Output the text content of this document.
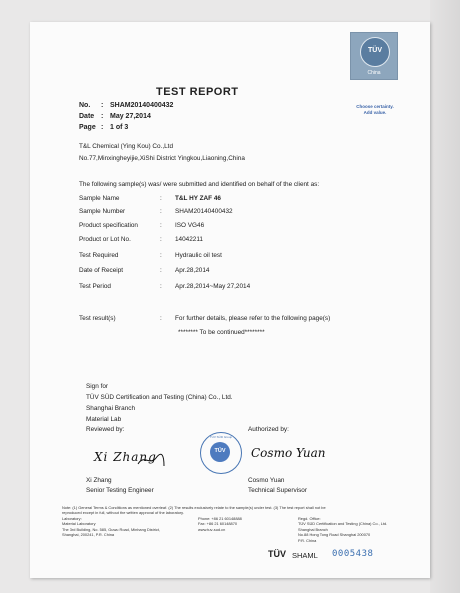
TÜV
China
Choose certainty.
Add value.
TEST REPORT
No. : SHAM20140400432
Date : May 27,2014
Page : 1 of 3
T&L Chemical (Ying Kou) Co.,Ltd
No.77,Minxingheyijie,XiShi District Yingkou,Liaoning,China
The following sample(s) was/ were submitted and identified on behalf of the client as:
Sample Name	: T&L HY ZAF 46
Sample Number	: SHAM20140400432
Product specification	: ISO VG46
Product or Lot No.	: 14042211
Test Required	: Hydraulic oil test
Date of Receipt	: Apr.28,2014
Test Period	: Apr.28,2014~May 27,2014
Test result(s)	: For further details, please refer to the following page(s)
******** To be continued********
Sign for
TÜV SÜD Certification and Testing (China) Co., Ltd.
Shanghai Branch
Material Lab
Reviewed by:	Authorized by:
Xi Zhang	Cosmo Yuan
TÜV SÜD Group
TÜV
Xi Zhang
Senior Testing Engineer
Cosmo Yuan
Technical Supervisor
Note: (1) General Terms & Conditions as mentioned overleaf. (2) The results exclusively relate to the sample(s) under test. (3) The test report shall not be
reproduced except in full, without the written approval of the laboratory.
Laboratory:
Material Laboratory
The 3rd Building, No. 585, Guwu Road, Minhang District,
Shanghai, 200241, P.R. China
Phone: +86 21 60148888
Fax: +86 21 60148870
www.tuv-sud.cn
Regd. Office:
TÜV SÜD Certification and Testing (China) Co., Ltd.
Shanghai Branch
No.88 Hong Tong Road Shanghai 200070
P.R. China
TÜV SHAML 0005438
